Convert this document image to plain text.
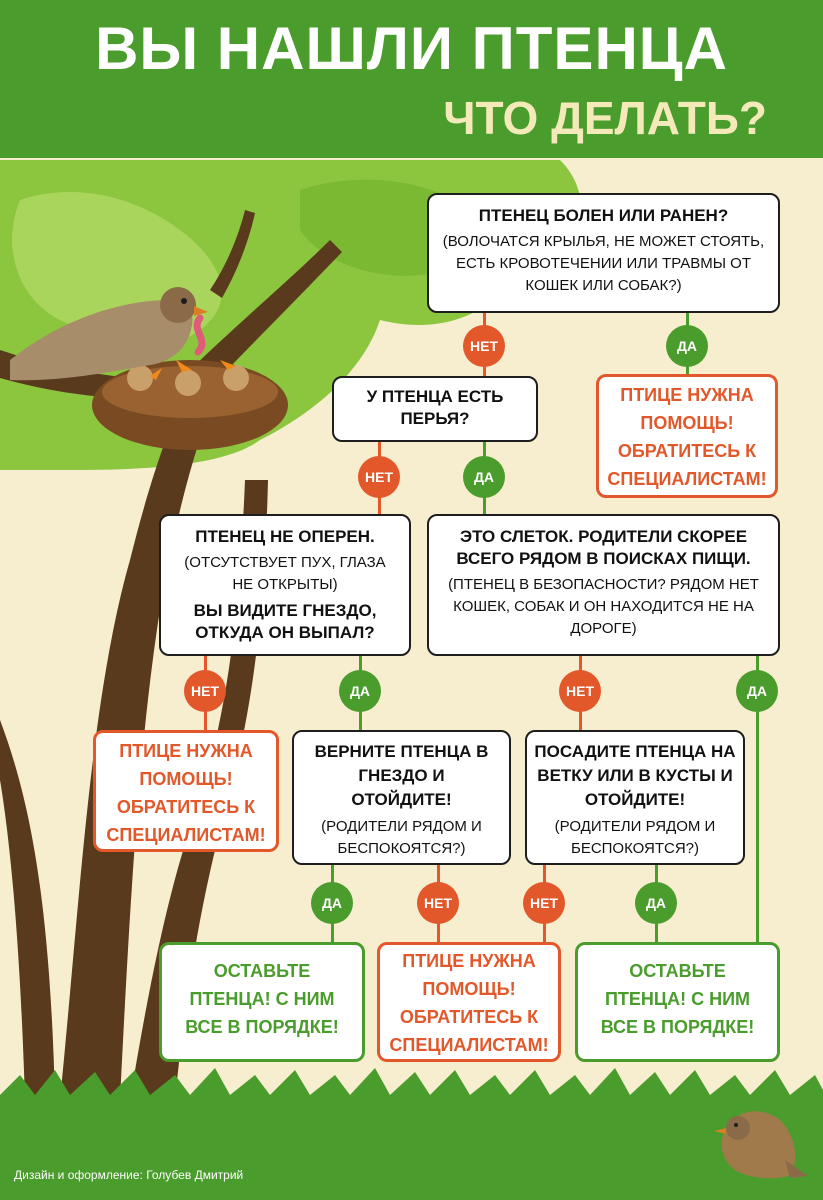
ВЫ НАШЛИ ПТЕНЦА
ЧТО ДЕЛАТЬ?
ПТЕНЕЦ БОЛЕН ИЛИ РАНЕН?
(ВОЛОЧАТСЯ КРЫЛЬЯ, НЕ МОЖЕТ СТОЯТЬ, ЕСТЬ КРОВОТЕЧЕНИИ ИЛИ ТРАВМЫ ОТ КОШЕК ИЛИ СОБАК?)
НЕТ	ДА
ПТИЦЕ НУЖНА ПОМОЩЬ! ОБРАТИТЕСЬ К СПЕЦИАЛИСТАМ!
У ПТЕНЦА ЕСТЬ ПЕРЬЯ?
НЕТ	ДА
ПТЕНЕЦ НЕ ОПЕРЕН.
(ОТСУТСТВУЕТ ПУХ, ГЛАЗА НЕ ОТКРЫТЫ)
ВЫ ВИДИТЕ ГНЕЗДО, ОТКУДА ОН ВЫПАЛ?
ЭТО СЛЕТОК. РОДИТЕЛИ СКОРЕЕ ВСЕГО РЯДОМ В ПОИСКАХ ПИЩИ.
(ПТЕНЕЦ В БЕЗОПАСНОСТИ? РЯДОМ НЕТ КОШЕК, СОБАК И ОН НАХОДИТСЯ НЕ НА ДОРОГЕ)
НЕТ	ДА	НЕТ	ДА
ПТИЦЕ НУЖНА ПОМОЩЬ! ОБРАТИТЕСЬ К СПЕЦИАЛИСТАМ!
ВЕРНИТЕ ПТЕНЦА В ГНЕЗДО И ОТОЙДИТЕ!
(РОДИТЕЛИ РЯДОМ И БЕСПОКОЯТСЯ?)
ПОСАДИТЕ ПТЕНЦА НА ВЕТКУ ИЛИ В КУСТЫ И ОТОЙДИТЕ!
(РОДИТЕЛИ РЯДОМ И БЕСПОКОЯТСЯ?)
ДА	НЕТ	НЕТ	ДА
ОСТАВЬТЕ ПТЕНЦА! С НИМ ВСЕ В ПОРЯДКЕ!
ПТИЦЕ НУЖНА ПОМОЩЬ! ОБРАТИТЕСЬ К СПЕЦИАЛИСТАМ!
ОСТАВЬТЕ ПТЕНЦА! С НИМ ВСЕ В ПОРЯДКЕ!
Дизайн и оформление: Голубев Дмитрий
